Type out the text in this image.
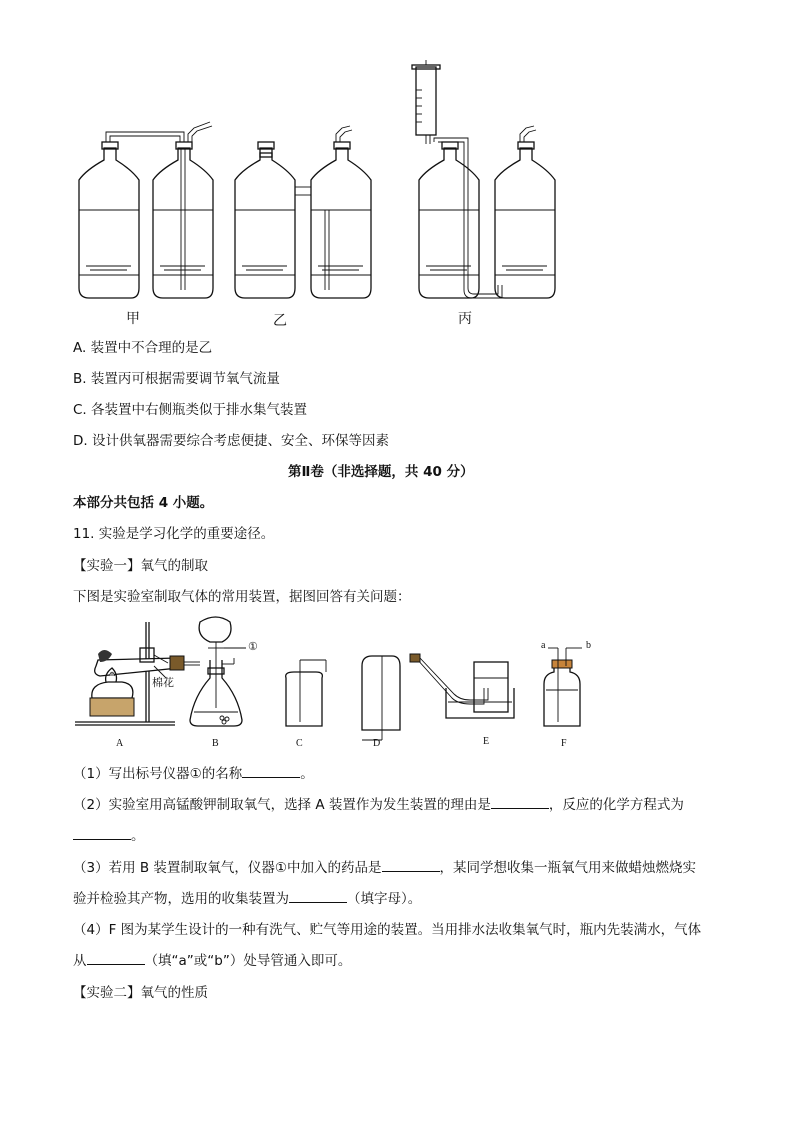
甲	乙	丙
A. 装置中不合理的是乙
B. 装置丙可根据需要调节氧气流量
C. 各装置中右侧瓶类似于排水集气装置
D. 设计供氧器需要综合考虑便捷、安全、环保等因素
第Ⅱ卷（非选择题，共 40 分）
本部分共包括 4 小题。
11. 实验是学习化学的重要途径。
【实验一】氧气的制取
下图是实验室制取气体的常用装置，据图回答有关问题：
棉花
①	a	b
A	B	C	D	E	F
（1）写出标号仪器①的名称	。
（2）实验室用高锰酸钾制取氧气，选择 A 装置作为发生装置的理由是	，反应的化学方程式为
。
（3）若用 B 装置制取氧气，仪器①中加入的药品是	，某同学想收集一瓶氧气用来做蜡烛燃烧实
验并检验其产物，选用的收集装置为	（填字母）。
（4）F 图为某学生设计的一种有洗气、贮气等用途的装置。当用排水法收集氧气时，瓶内先装满水，气体
从	（填“a”或“b”）处导管通入即可。
【实验二】氧气的性质
